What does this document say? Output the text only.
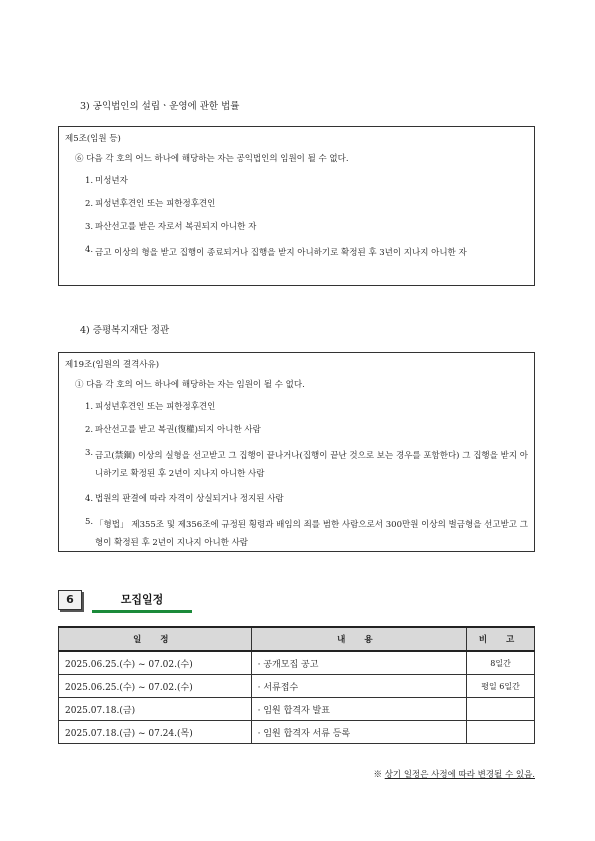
3) 공익법인의 설립ㆍ운영에 관한 법률
제5조(임원 등)
⑥ 다음 각 호의 어느 하나에 해당하는 자는 공익법인의 임원이 될 수 없다.
1. 미성년자
2. 피성년후견인 또는 피한정후견인
3. 파산선고를 받은 자로서 복권되지 아니한 자
4. 금고 이상의 형을 받고 집행이 종료되거나 집행을 받지 아니하기로 확정된 후 3년이 지나지 아니한 자
4) 증평복지재단 정관
제19조(임원의 결격사유)
① 다음 각 호의 어느 하나에 해당하는 자는 임원이 될 수 없다.
1. 피성년후견인 또는 피한정후견인
2. 파산선고를 받고 복권(復權)되지 아니한 사람
3. 금고(禁錮) 이상의 실형을 선고받고 그 집행이 끝나거나(집행이 끝난 것으로 보는 경우를 포함한다) 그 집행을 받지 아니하기로 확정된 후 2년이 지나지 아니한 사람
4. 법원의 판결에 따라 자격이 상실되거나 정지된 사람
5. 「형법」 제355조 및 제356조에 규정된 횡령과 배임의 죄를 범한 사람으로서 300만원 이상의 벌금형을 선고받고 그 형이 확정된 후 2년이 지나지 아니한 사람
6	모집일정
일 정	내 용	비 고
2025.06.25.(수) ~ 07.02.(수)	· 공개모집 공고	8일간
2025.06.25.(수) ~ 07.02.(수)	· 서류접수	평일 6일간
2025.07.18.(금)	· 임원 합격자 발표	
2025.07.18.(금) ~ 07.24.(목)	· 임원 합격자 서류 등록	
※ 상기 일정은 사정에 따라 변경될 수 있음.
